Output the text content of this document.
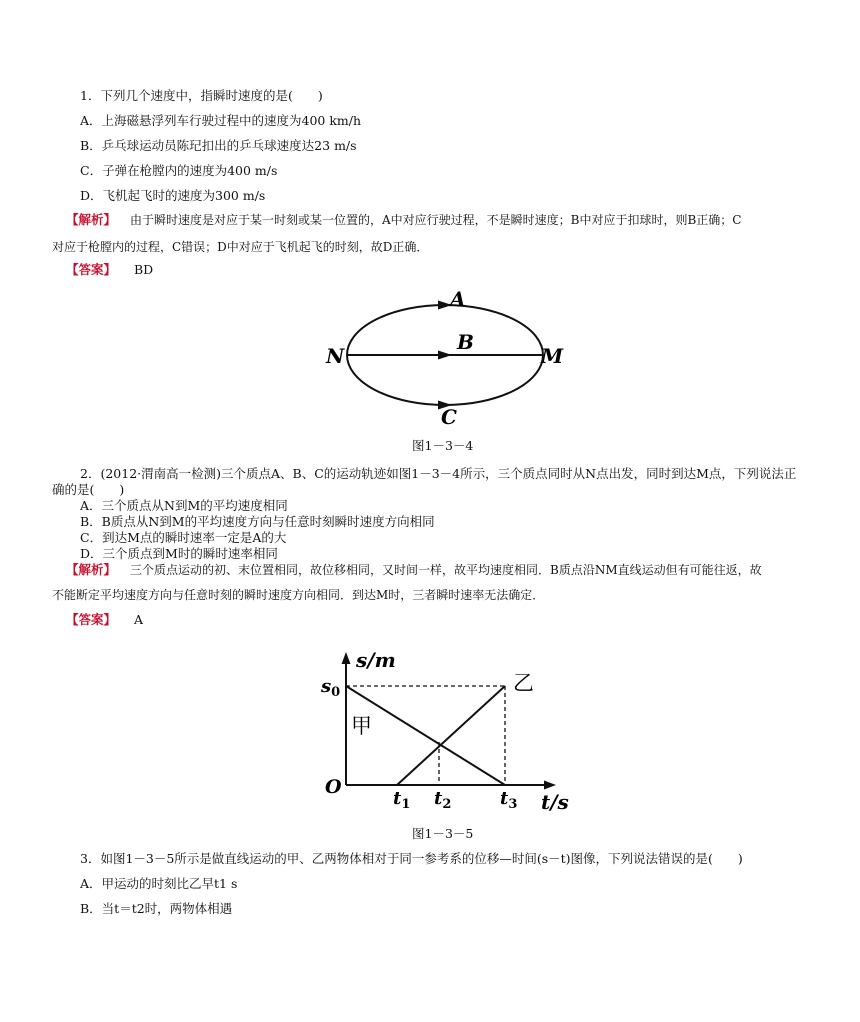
1．下列几个速度中，指瞬时速度的是(　　)
A．上海磁悬浮列车行驶过程中的速度为400 km/h
B．乒乓球运动员陈玘扣出的乒乓球速度达23 m/s
C．子弹在枪膛内的速度为400 m/s
D．飞机起飞时的速度为300 m/s
【解析】 由于瞬时速度是对应于某一时刻或某一位置的，A中对应行驶过程，不是瞬时速度；B中对应于扣球时，则B正确；C
对应于枪膛内的过程，C错误；D中对应于飞机起飞的时刻，故D正确．
【答案】 BD
A
B
C
N	M
图1－3－4
2．(2012·渭南高一检测)三个质点A、B、C的运动轨迹如图1－3－4所示，三个质点同时从N点出发，同时到达M点，下列说法正
确的是(　　)
A．三个质点从N到M的平均速度相同
B．B质点从N到M的平均速度方向与任意时刻瞬时速度方向相同
C．到达M点的瞬时速率一定是A的大
D．三个质点到M时的瞬时速率相同
【解析】 三个质点运动的初、末位置相同，故位移相同，又时间一样，故平均速度相同．B质点沿NM直线运动但有可能往返，故
不能断定平均速度方向与任意时刻的瞬时速度方向相同．到达M时，三者瞬时速率无法确定．
【答案】 A
s/m
t/s
O
$s_0$
$t_1$ $t_2$	$t_3$
甲
乙
图1－3－5
3．如图1－3－5所示是做直线运动的甲、乙两物体相对于同一参考系的位移—时间(s－t)图像，下列说法错误的是(　　)
A．甲运动的时刻比乙早t1 s
B．当t＝t2时，两物体相遇
